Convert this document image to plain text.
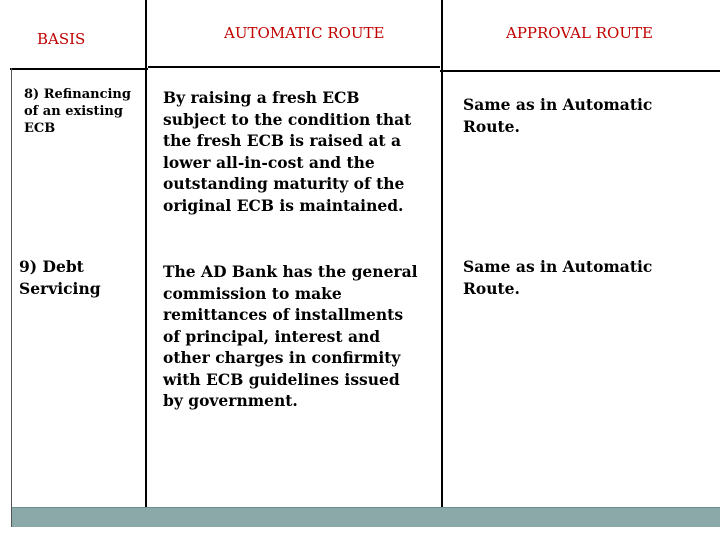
BASIS	AUTOMATIC ROUTE	APPROVAL ROUTE
8) Refinancing of an existing ECB
By raising a fresh ECB subject to the condition that the fresh ECB is raised at a lower all-in-cost and the outstanding maturity of the original ECB is maintained.
Same as in Automatic Route.
9) Debt Servicing
The AD Bank has the general commission to make remittances of installments of principal, interest and other charges in confirmity with ECB guidelines issued by government.
Same as in Automatic Route.
